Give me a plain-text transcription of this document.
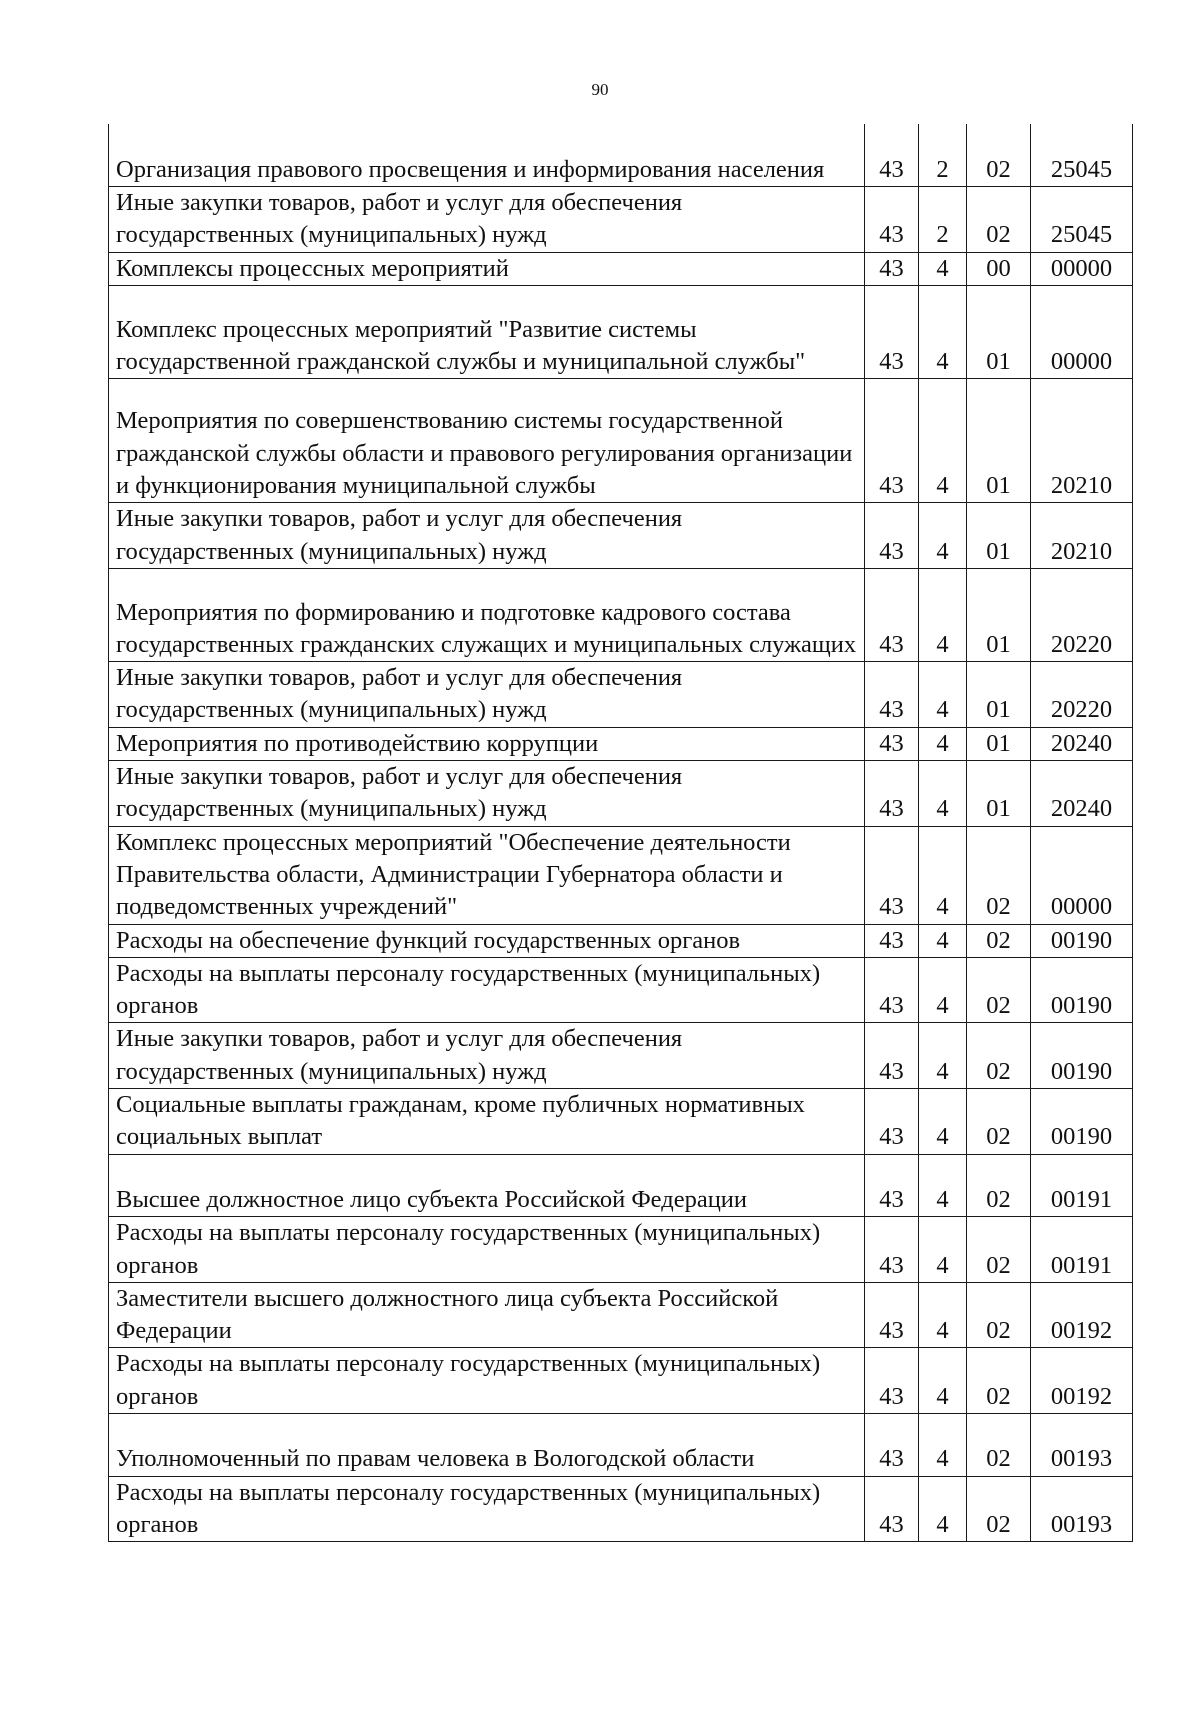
90
Организация правового просвещения и информирования населения	43	2	02	25045
Иные закупки товаров, работ и услуг для обеспечения государственных (муниципальных) нужд	43	2	02	25045
Комплексы процессных мероприятий	43	4	00	00000
Комплекс процессных мероприятий "Развитие системы государственной гражданской службы и муниципальной службы"	43	4	01	00000
Мероприятия по совершенствованию системы государственной гражданской службы области и правового регулирования организации и функционирования муниципальной службы	43	4	01	20210
Иные закупки товаров, работ и услуг для обеспечения государственных (муниципальных) нужд	43	4	01	20210
Мероприятия по формированию и подготовке кадрового состава государственных гражданских служащих и муниципальных служащих	43	4	01	20220
Иные закупки товаров, работ и услуг для обеспечения государственных (муниципальных) нужд	43	4	01	20220
Мероприятия по противодействию коррупции	43	4	01	20240
Иные закупки товаров, работ и услуг для обеспечения государственных (муниципальных) нужд	43	4	01	20240
Комплекс процессных мероприятий "Обеспечение деятельности Правительства области, Администрации Губернатора области и подведомственных учреждений"	43	4	02	00000
Расходы на обеспечение функций государственных органов	43	4	02	00190
Расходы на выплаты персоналу государственных (муниципальных) органов	43	4	02	00190
Иные закупки товаров, работ и услуг для обеспечения государственных (муниципальных) нужд	43	4	02	00190
Социальные выплаты гражданам, кроме публичных нормативных социальных выплат	43	4	02	00190
Высшее должностное лицо субъекта Российской Федерации	43	4	02	00191
Расходы на выплаты персоналу государственных (муниципальных) органов	43	4	02	00191
Заместители высшего должностного лица субъекта Российской Федерации	43	4	02	00192
Расходы на выплаты персоналу государственных (муниципальных) органов	43	4	02	00192
Уполномоченный по правам человека в Вологодской области	43	4	02	00193
Расходы на выплаты персоналу государственных (муниципальных) органов	43	4	02	00193
